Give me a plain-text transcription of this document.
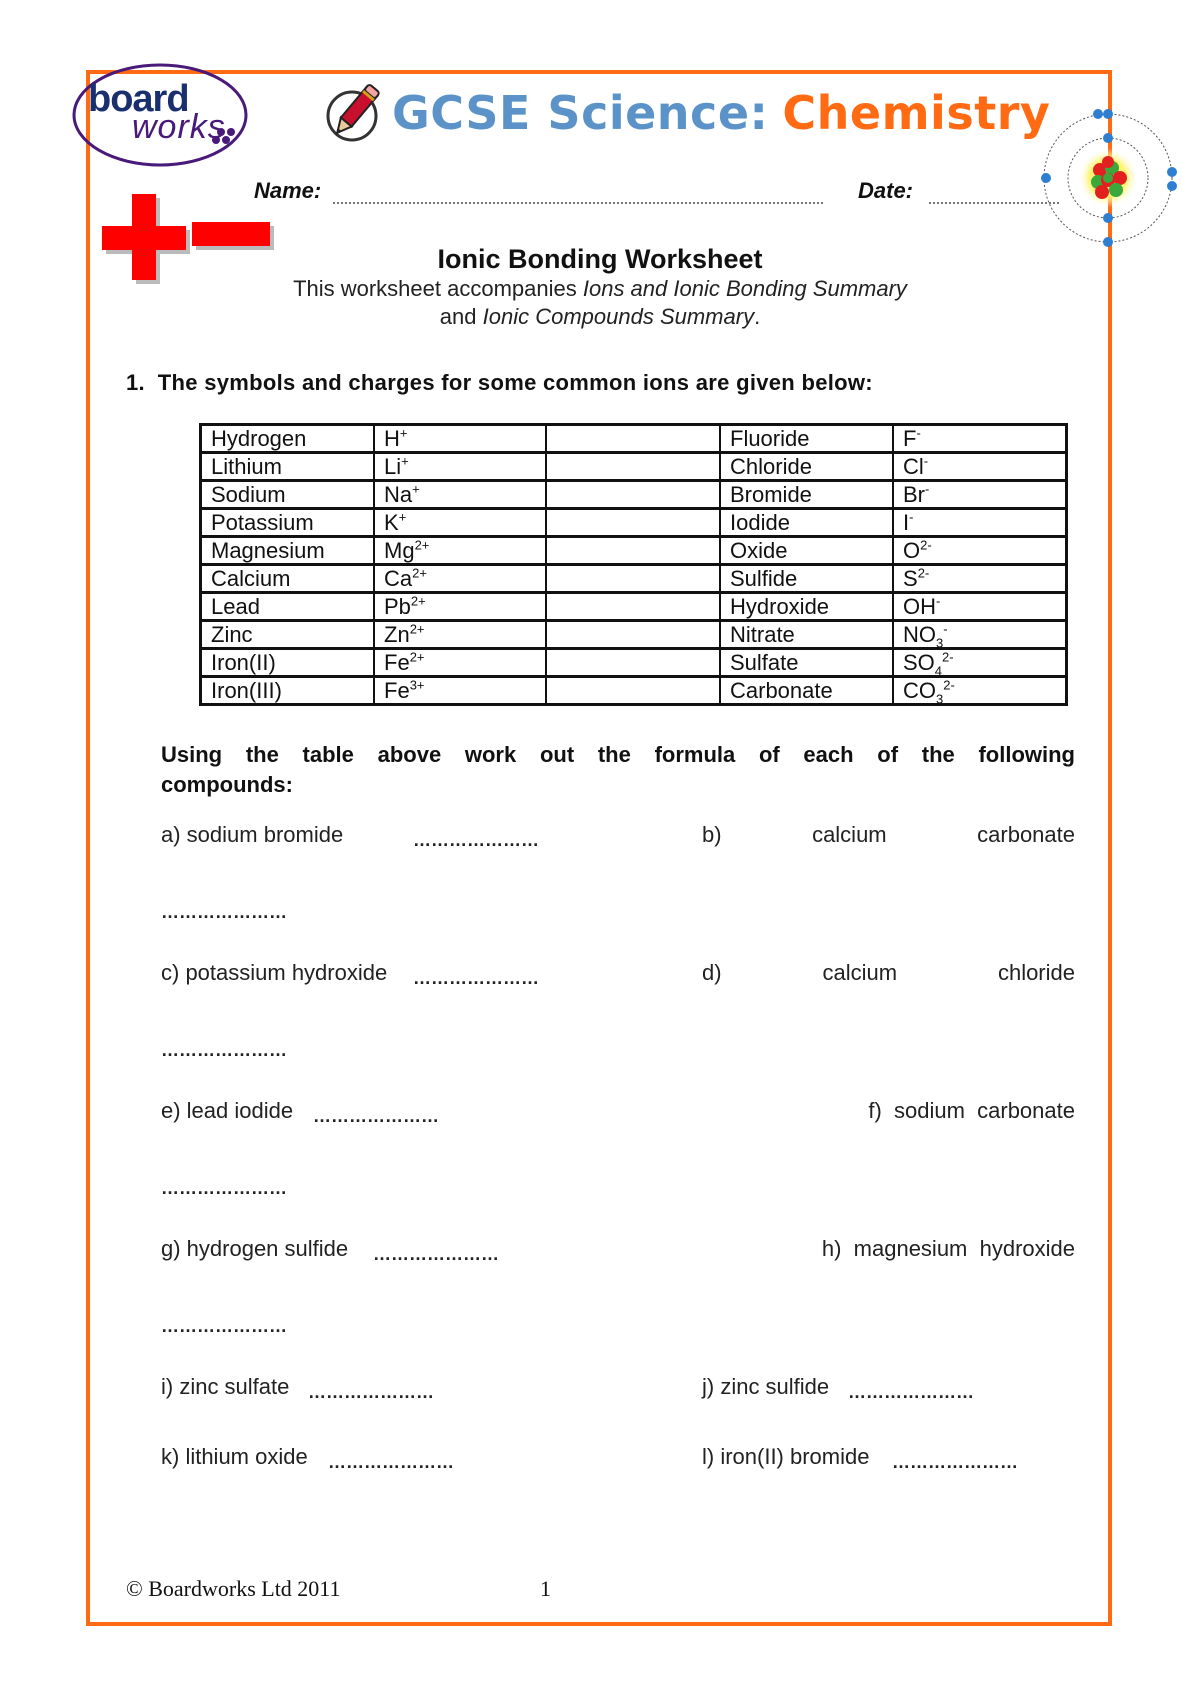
board
works	GCSE Science: Chemistry
Name:	Date:
Ionic Bonding Worksheet
This worksheet accompanies Ions and Ionic Bonding Summary
and Ionic Compounds Summary.
1. The symbols and charges for some common ions are given below:
Hydrogen	H+		Fluoride	F-
Lithium	Li+		Chloride	Cl-
Sodium	Na+		Bromide	Br-
Potassium	K+		Iodide	I-
Magnesium	$Mg^{2+}$		Oxide	$O^{2-}$
Calcium	$Ca^{2+}$		Sulfide	$S^{2-}$
Lead	$Pb^{2+}$		Hydroxide	OH-
Zinc	$Zn^{2+}$		Nitrate	$NO_3^-$
Iron(II)	$Fe^{2+}$		Sulfate	$SO_4^{2-}$
Iron(III)	$Fe^{3+}$		Carbonate	$CO_3^{2-}$
Using the table above work out the formula of each of the following compounds:
a) sodium bromide	…………………	b)	calcium	carbonate
…………………
c) potassium hydroxide …………………	d)	calcium	chloride
…………………
e) lead iodide …………………	f)  sodium  carbonate
…………………
g) hydrogen sulfide …………………	h)  magnesium  hydroxide
…………………
i) zinc sulfate …………………	j) zinc sulfide …………………
k) lithium oxide …………………	l) iron(II) bromide …………………
© Boardworks Ltd 2011	1
